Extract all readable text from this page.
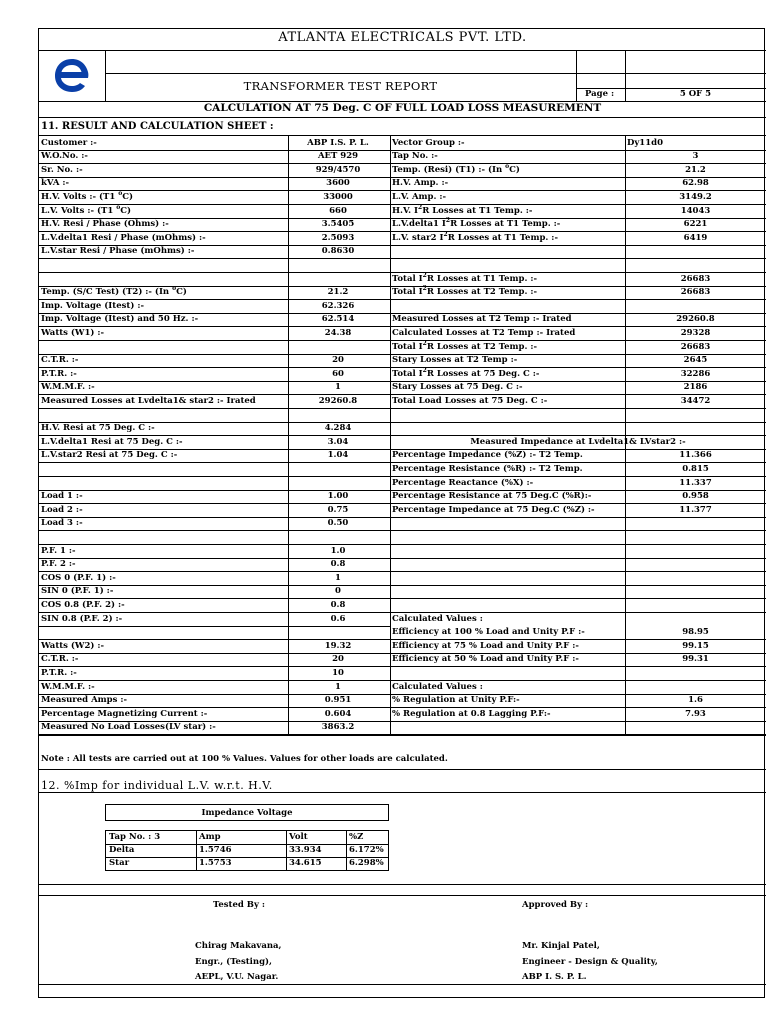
ATLANTA ELECTRICALS PVT. LTD.
TRANSFORMER TEST REPORT
Page :	5 OF 5
CALCULATION AT 75 Deg. C OF FULL LOAD LOSS MEASUREMENT
11. RESULT AND CALCULATION SHEET :
Customer :-	ABP I.S. P. L.	Vector Group :-	Dy11d0
W.O.No. :-	AET 929	Tap No. :-	3
Sr. No. :-	929/4570	Temp. (Resi) (T1) :- (In $^o$C)	21.2
kVA :-	3600	H.V. Amp. :-	62.98
H.V. Volts :- (T1 $^o$C)	33000	L.V. Amp. :-	3149.2
L.V. Volts :- (T1 $^o$C)	660	H.V. $I^2R$ Losses at T1 Temp. :-	14043
H.V. Resi / Phase (Ohms) :-	3.5405	L.V.delta1 $I^2R$ Losses at T1 Temp. :-	6221
L.V.delta1 Resi / Phase (mOhms) :-	2.5093	L.V. star2 $I^2R$ Losses at T1 Temp. :-	6419
L.V.star Resi / Phase (mOhms) :-	0.8630
Total $I^2R$ Losses at T1 Temp. :-	26683
Temp. (S/C Test) (T2) :- (In $^o$C)	21.2	Total $I^2R$ Losses at T2 Temp. :-	26683
Imp. Voltage (Itest) :-	62.326
Imp. Voltage (Itest) and 50 Hz. :-	62.514	Measured Losses at T2 Temp :- Irated	29260.8
Watts (W1) :-	24.38	Calculated Losses at T2 Temp :- Irated	29328
Total $I^2R$ Losses at T2 Temp. :-	26683
C.T.R. :-	20	Stary Losses at T2 Temp :-	2645
P.T.R. :-	60	Total $I^2R$ Losses at 75 Deg. C :-	32286
W.M.M.F. :-	1	Stary Losses at 75 Deg. C :-	2186
Measured Losses at Lvdelta1& star2 :- Irated	29260.8	Total Load Losses at 75 Deg. C :-	34472
H.V. Resi at 75 Deg. C :-	4.284
L.V.delta1 Resi at 75 Deg. C :-	3.04	Measured Impedance at Lvdelta1& LVstar2 :-
L.V.star2 Resi at 75 Deg. C :-	1.04	Percentage Impedance (%Z) :- T2 Temp.	11.366
Percentage Resistance (%R) :- T2 Temp.	0.815
Percentage Reactance (%X) :-	11.337
Load 1 :-	1.00	Percentage Resistance at 75 Deg.C (%R):-	0.958
Load 2 :-	0.75	Percentage Impedance at 75 Deg.C (%Z) :-	11.377
Load 3 :-	0.50
P.F. 1 :-	1.0
P.F. 2 :-	0.8
COS 0 (P.F. 1) :-	1
SIN 0 (P.F. 1) :-	0
COS 0.8 (P.F. 2) :-	0.8
SIN 0.8 (P.F. 2) :-	0.6	Calculated Values :
Efficiency at 100 % Load and Unity P.F :-	98.95
Watts (W2) :-	19.32	Efficiency at 75 % Load and Unity P.F :-	99.15
C.T.R. :-	20	Efficiency at 50 % Load and Unity P.F :-	99.31
P.T.R. :-	10
W.M.M.F. :-	1	Calculated Values :
Measured Amps :-	0.951	% Regulation at Unity P.F:-	1.6
Percentage Magnetizing Current :-	0.604	% Regulation at 0.8 Lagging P.F:-	7.93
Measured No Load Losses(LV star) :-	3863.2
Note : All tests are carried out at 100 % Values. Values for other loads are calculated.
12. %Imp for individual L.V. w.r.t. H.V.
Impedance Voltage
Tap No. : 3	Amp	Volt	%Z
Delta	1.5746	33.934	6.172%
Star	1.5753	34.615	6.298%
Tested By :
Chirag Makavana,
Engr., (Testing),
AEPL, V.U. Nagar.
Approved By :
Mr. Kinjal Patel,
Engineer - Design & Quality,
ABP I. S. P. L.
